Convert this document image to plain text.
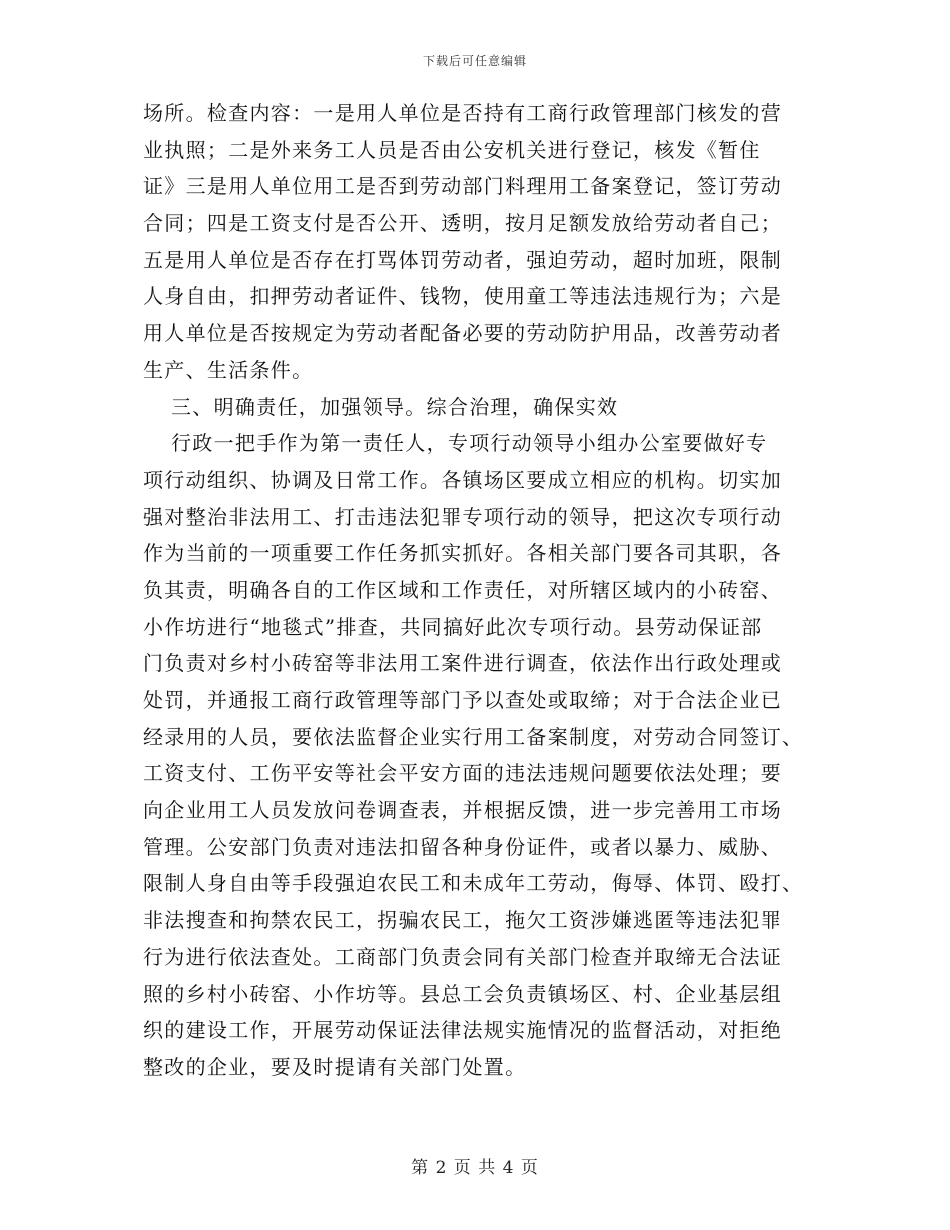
下载后可任意编辑
场所。检查内容：一是用人单位是否持有工商行政管理部门核发的营
业执照；二是外来务工人员是否由公安机关进行登记，核发《暂住
证》三是用人单位用工是否到劳动部门料理用工备案登记，签订劳动
合同；四是工资支付是否公开、透明，按月足额发放给劳动者自己；
五是用人单位是否存在打骂体罚劳动者，强迫劳动，超时加班，限制
人身自由，扣押劳动者证件、钱物，使用童工等违法违规行为；六是
用人单位是否按规定为劳动者配备必要的劳动防护用品，改善劳动者
生产、生活条件。
三、明确责任，加强领导。综合治理，确保实效
行政一把手作为第一责任人，专项行动领导小组办公室要做好专
项行动组织、协调及日常工作。各镇场区要成立相应的机构。切实加
强对整治非法用工、打击违法犯罪专项行动的领导，把这次专项行动
作为当前的一项重要工作任务抓实抓好。各相关部门要各司其职，各
负其责，明确各自的工作区域和工作责任，对所辖区域内的小砖窑、
小作坊进行“地毯式”排查，共同搞好此次专项行动。县劳动保证部
门负责对乡村小砖窑等非法用工案件进行调查，依法作出行政处理或
处罚，并通报工商行政管理等部门予以查处或取缔；对于合法企业已
经录用的人员，要依法监督企业实行用工备案制度，对劳动合同签订、
工资支付、工伤平安等社会平安方面的违法违规问题要依法处理；要
向企业用工人员发放问卷调查表，并根据反馈，进一步完善用工市场
管理。公安部门负责对违法扣留各种身份证件，或者以暴力、威胁、
限制人身自由等手段强迫农民工和未成年工劳动，侮辱、体罚、殴打、
非法搜查和拘禁农民工，拐骗农民工，拖欠工资涉嫌逃匿等违法犯罪
行为进行依法查处。工商部门负责会同有关部门检查并取缔无合法证
照的乡村小砖窑、小作坊等。县总工会负责镇场区、村、企业基层组
织的建设工作，开展劳动保证法律法规实施情况的监督活动，对拒绝
整改的企业，要及时提请有关部门处置。
第 2 页 共 4 页
